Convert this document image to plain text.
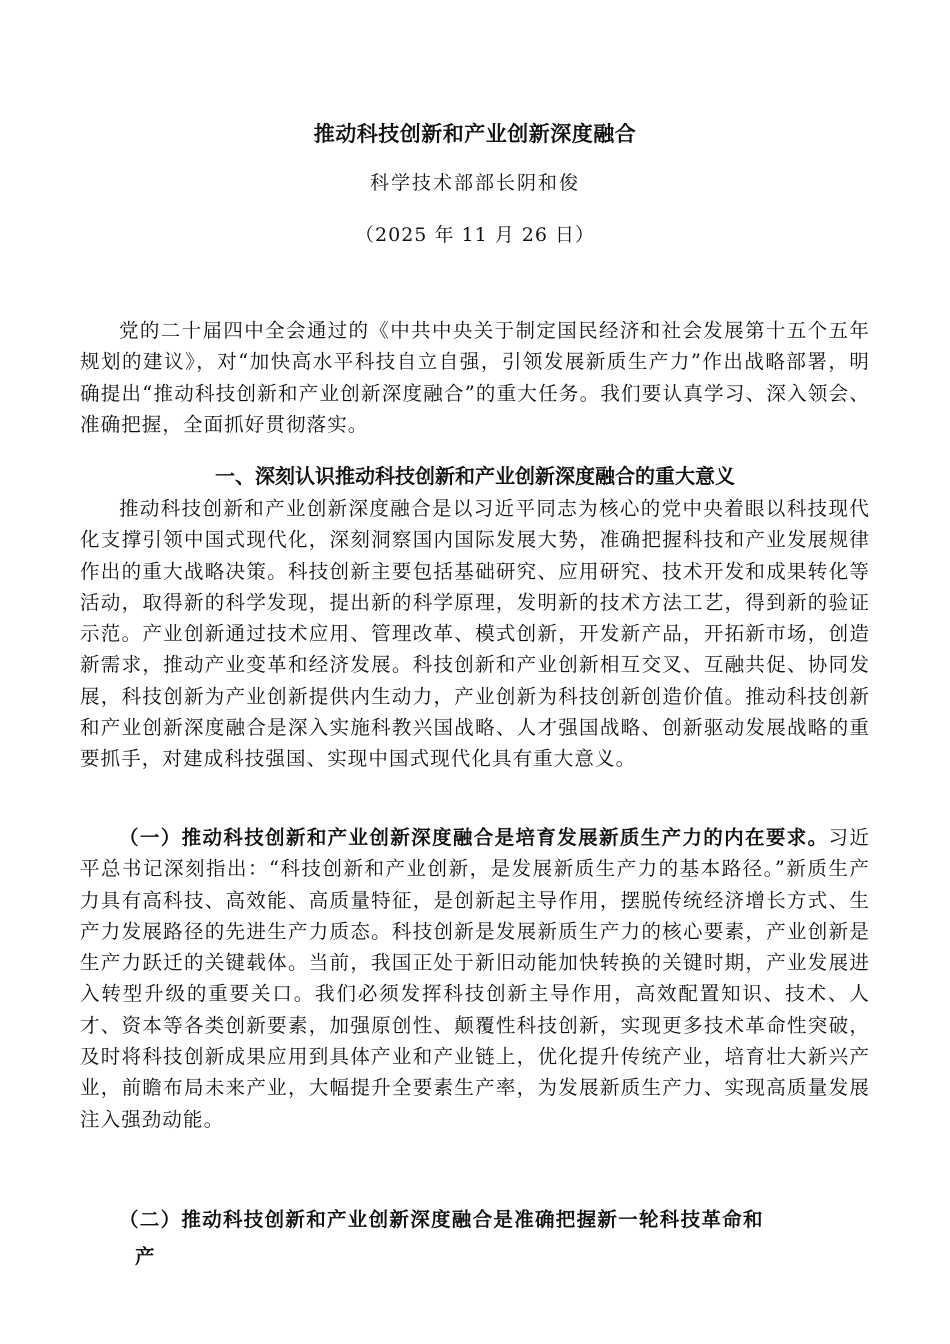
推动科技创新和产业创新深度融合
科学技术部部长阴和俊
（2025 年 11 月 26 日）

党的二十届四中全会通过的《中共中央关于制定国民经济和社会发展第十五个五年规划的建议》，对“加快高水平科技自立自强，引领发展新质生产力”作出战略部署，明确提出“推动科技创新和产业创新深度融合”的重大任务。我们要认真学习、深入领会、准确把握，全面抓好贯彻落实。

一、深刻认识推动科技创新和产业创新深度融合的重大意义

推动科技创新和产业创新深度融合是以习近平同志为核心的党中央着眼以科技现代化支撑引领中国式现代化，深刻洞察国内国际发展大势，准确把握科技和产业发展规律作出的重大战略决策。科技创新主要包括基础研究、应用研究、技术开发和成果转化等活动，取得新的科学发现，提出新的科学原理，发明新的技术方法工艺，得到新的验证示范。产业创新通过技术应用、管理改革、模式创新，开发新产品，开拓新市场，创造新需求，推动产业变革和经济发展。科技创新和产业创新相互交叉、互融共促、协同发展，科技创新为产业创新提供内生动力，产业创新为科技创新创造价值。推动科技创新和产业创新深度融合是深入实施科教兴国战略、人才强国战略、创新驱动发展战略的重要抓手，对建成科技强国、实现中国式现代化具有重大意义。

（一）推动科技创新和产业创新深度融合是培育发展新质生产力的内在要求。习近平总书记深刻指出：“科技创新和产业创新，是发展新质生产力的基本路径。”新质生产力具有高科技、高效能、高质量特征，是创新起主导作用，摆脱传统经济增长方式、生产力发展路径的先进生产力质态。科技创新是发展新质生产力的核心要素，产业创新是生产力跃迁的关键载体。当前，我国正处于新旧动能加快转换的关键时期，产业发展进入转型升级的重要关口。我们必须发挥科技创新主导作用，高效配置知识、技术、人才、资本等各类创新要素，加强原创性、颠覆性科技创新，实现更多技术革命性突破，及时将科技创新成果应用到具体产业和产业链上，优化提升传统产业，培育壮大新兴产业，前瞻布局未来产业，大幅提升全要素生产率，为发展新质生产力、实现高质量发展注入强劲动能。

（二）推动科技创新和产业创新深度融合是准确把握新一轮科技革命和

产
